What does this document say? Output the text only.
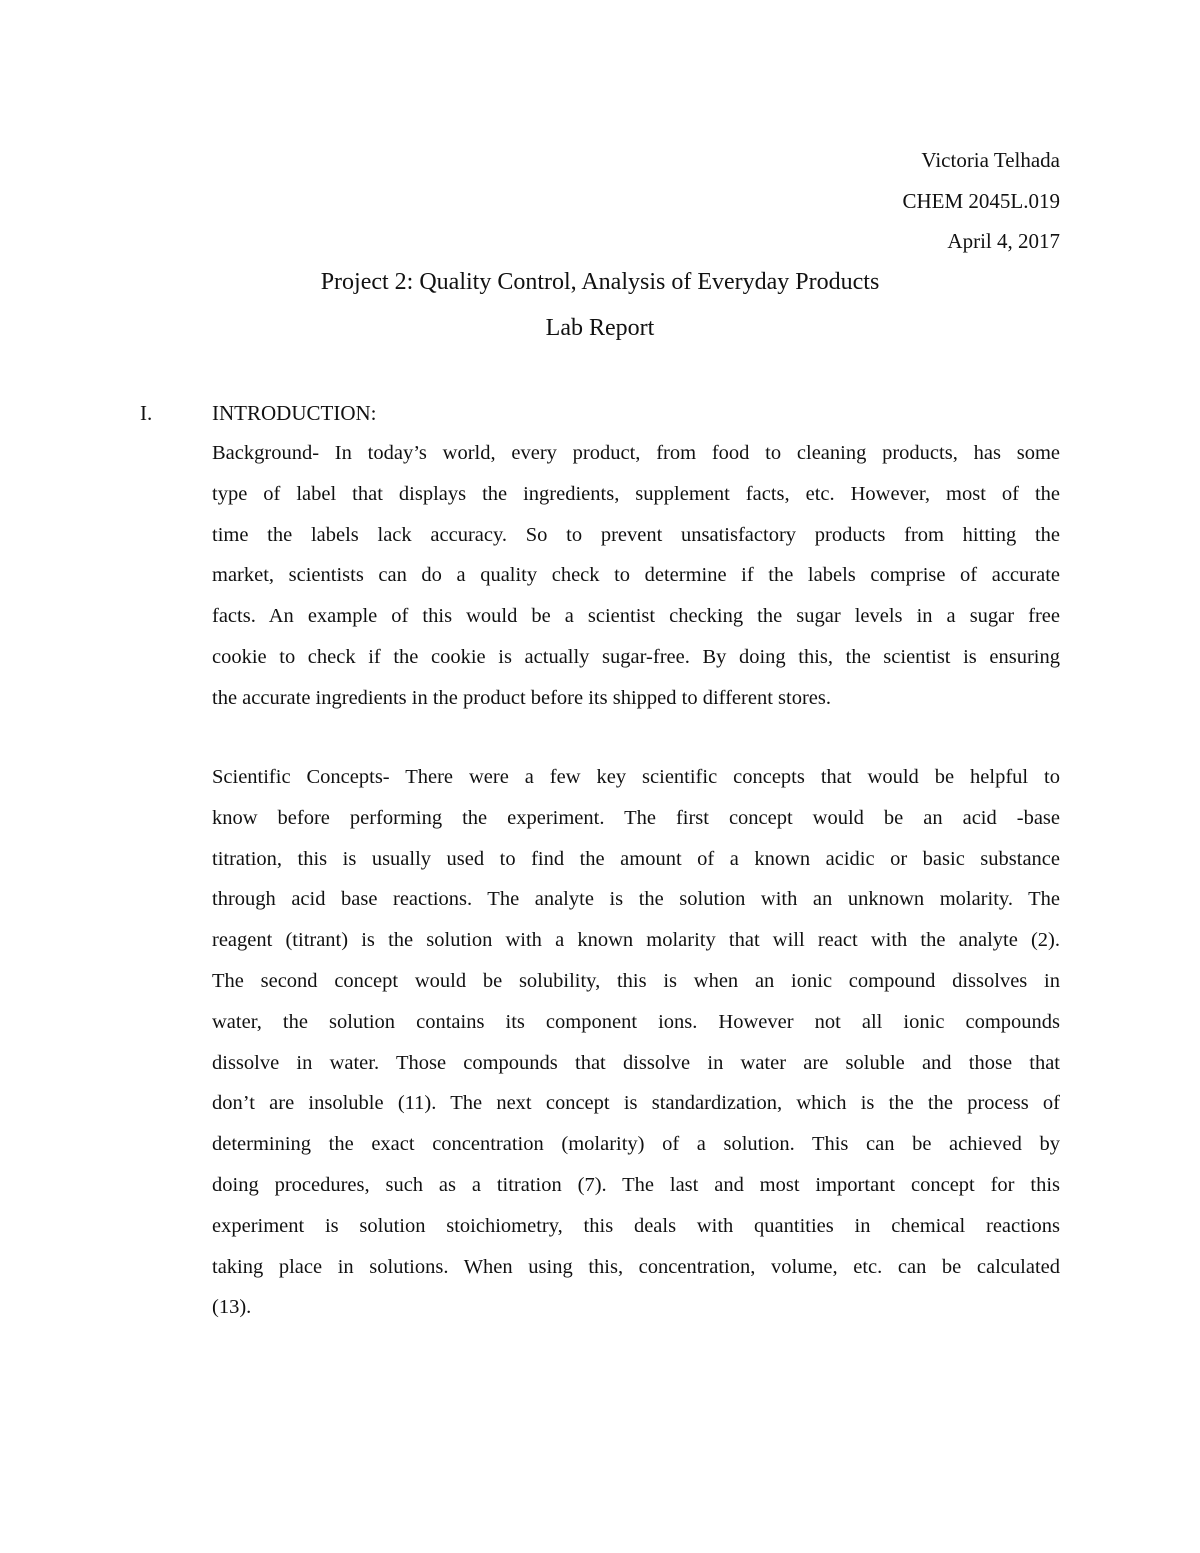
Victoria Telhada
CHEM 2045L.019
April 4, 2017
Project 2: Quality Control, Analysis of Everyday Products
Lab Report
I.	INTRODUCTION:
Background- In today’s world, every product, from food to cleaning products, has some
type of label that displays the ingredients, supplement facts, etc. However, most of the
time the labels lack accuracy. So to prevent unsatisfactory products from hitting the
market, scientists can do a quality check to determine if the labels comprise of accurate
facts. An example of this would be a scientist checking the sugar levels in a sugar free
cookie to check if the cookie is actually sugar-free. By doing this, the scientist is ensuring
the accurate ingredients in the product before its shipped to different stores.
Scientific Concepts- There were a few key scientific concepts that would be helpful to
know before performing the experiment. The first concept would be an acid -base
titration, this is usually used to find the amount of a known acidic or basic substance
through acid base reactions. The analyte is the solution with an unknown molarity. The
reagent (titrant) is the solution with a known molarity that will react with the analyte (2).
The second concept would be solubility, this is when an ionic compound dissolves in
water, the solution contains its component ions. However not all ionic compounds
dissolve in water. Those compounds that dissolve in water are soluble and those that
don’t are insoluble (11). The next concept is standardization, which is the the process of
determining the exact concentration (molarity) of a solution. This can be achieved by
doing procedures, such as a titration (7). The last and most important concept for this
experiment is solution stoichiometry, this deals with quantities in chemical reactions
taking place in solutions. When using this, concentration, volume, etc. can be calculated
(13).
